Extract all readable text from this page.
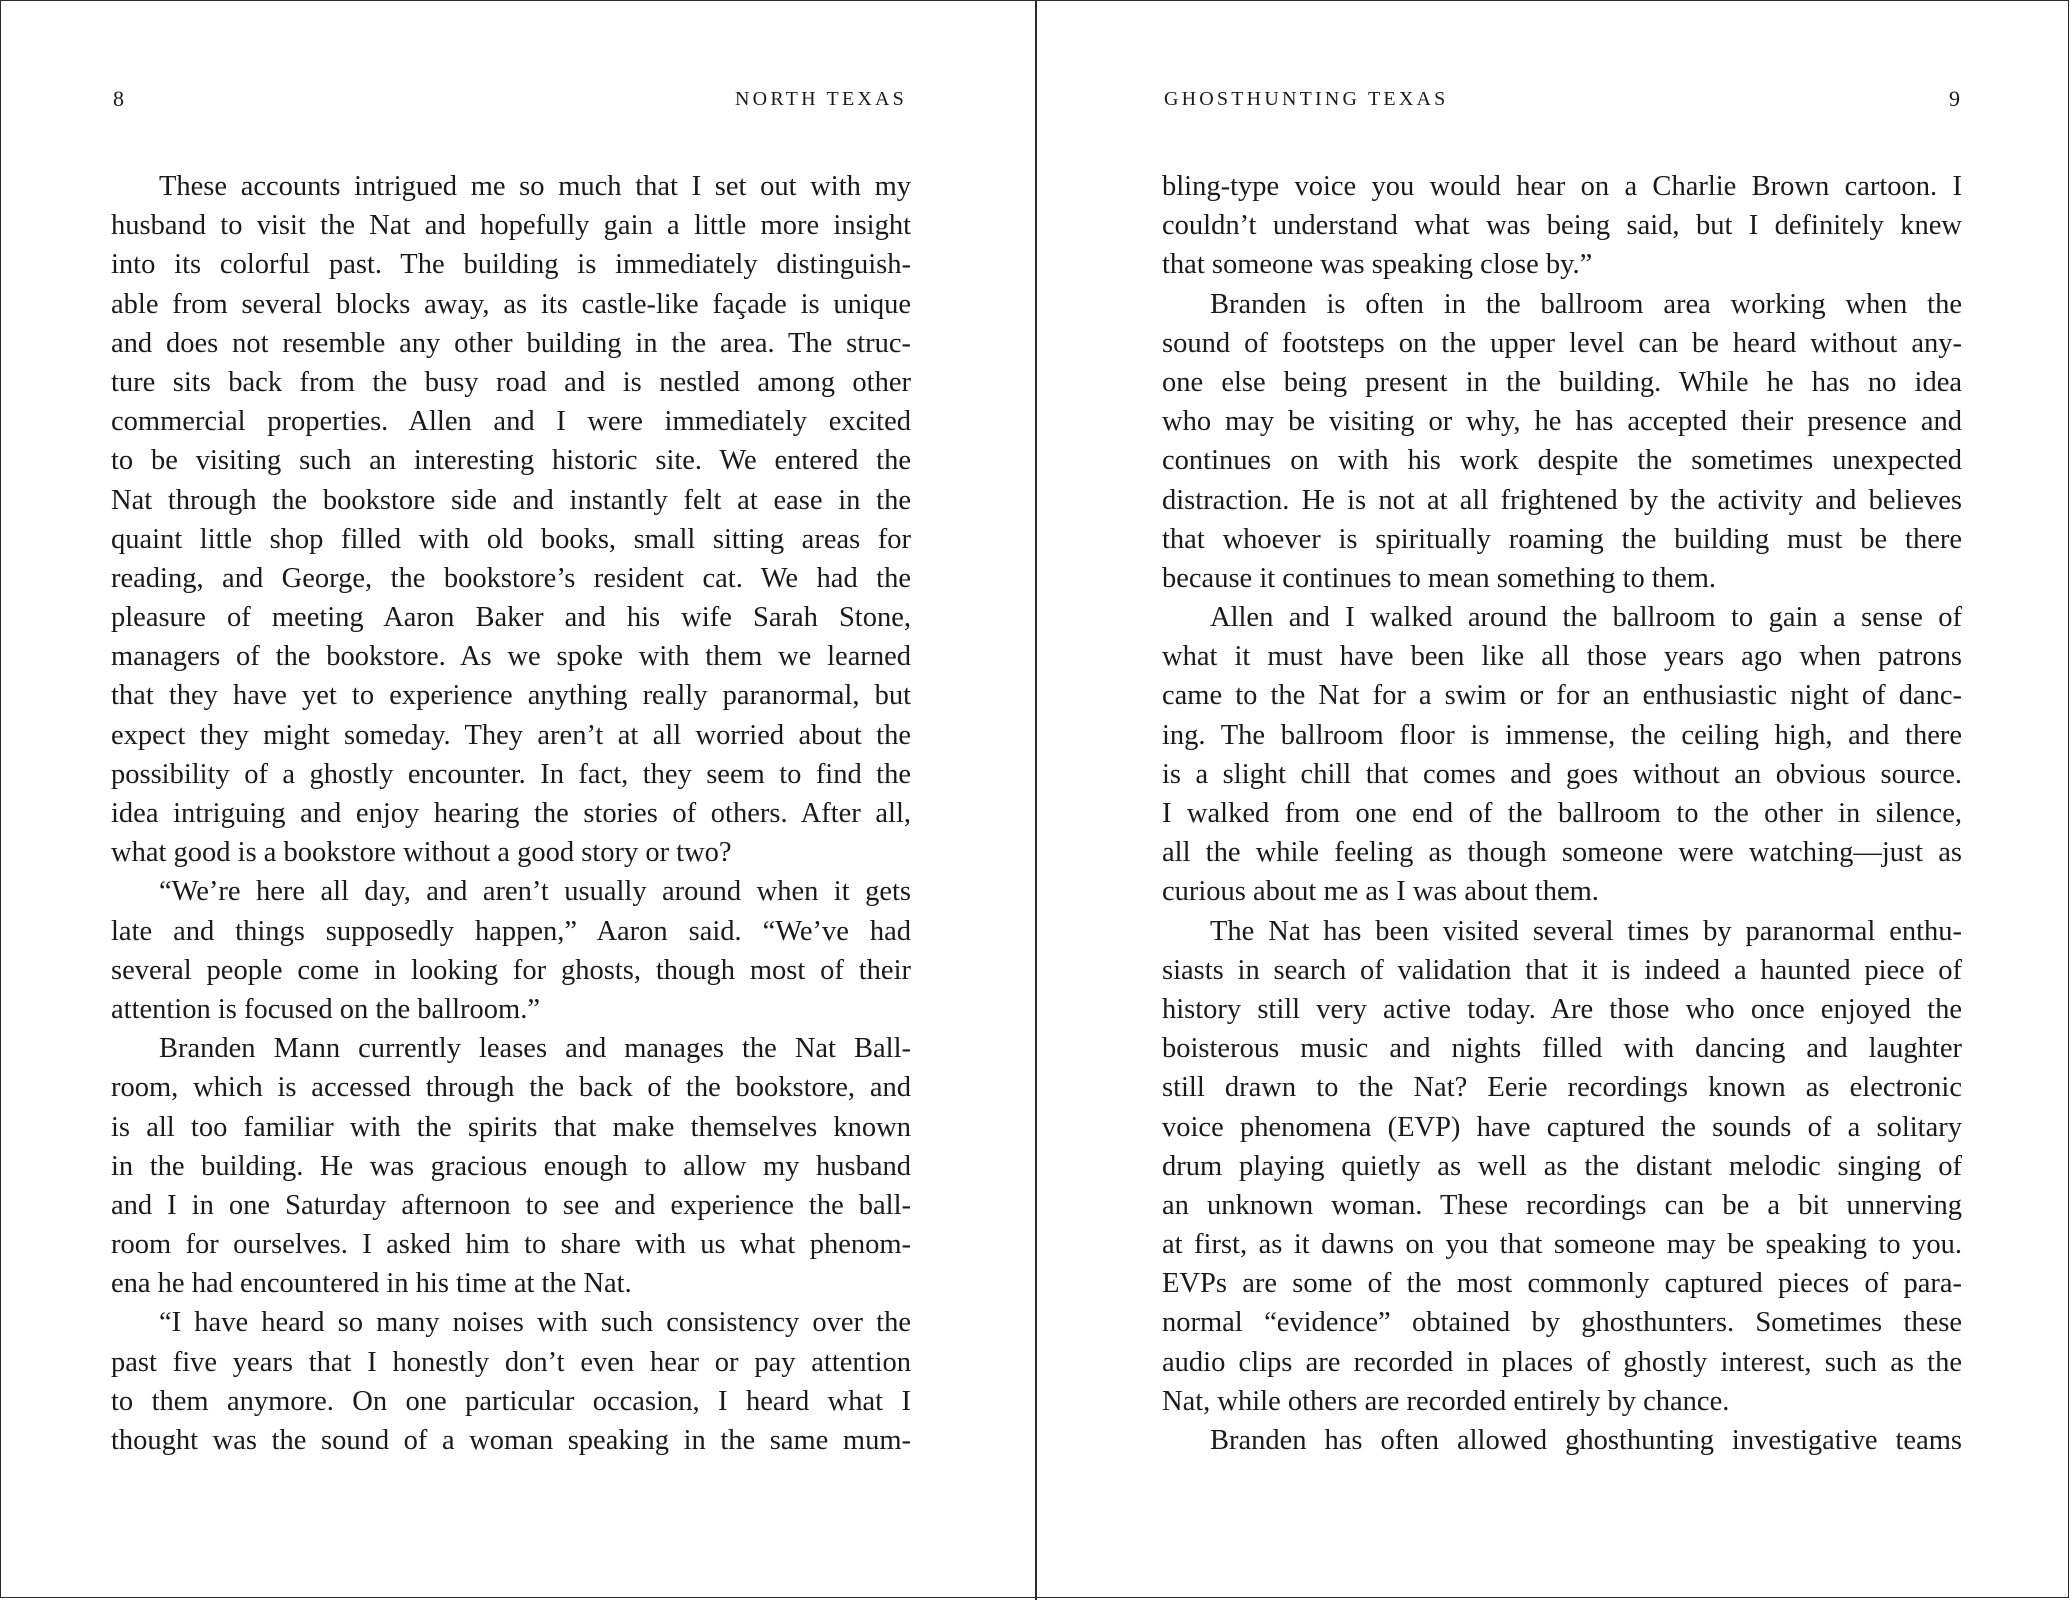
8	NORTH TEXAS
These accounts intrigued me so much that I set out with my
husband to visit the Nat and hopefully gain a little more insight
into its colorful past. The building is immediately distinguish-
able from several blocks away, as its castle-like façade is unique
and does not resemble any other building in the area. The struc-
ture sits back from the busy road and is nestled among other
commercial properties. Allen and I were immediately excited
to be visiting such an interesting historic site. We entered the
Nat through the bookstore side and instantly felt at ease in the
quaint little shop filled with old books, small sitting areas for
reading, and George, the bookstore’s resident cat. We had the
pleasure of meeting Aaron Baker and his wife Sarah Stone,
managers of the bookstore. As we spoke with them we learned
that they have yet to experience anything really paranormal, but
expect they might someday. They aren’t at all worried about the
possibility of a ghostly encounter. In fact, they seem to find the
idea intriguing and enjoy hearing the stories of others. After all,
what good is a bookstore without a good story or two?
“We’re here all day, and aren’t usually around when it gets
late and things supposedly happen,” Aaron said. “We’ve had
several people come in looking for ghosts, though most of their
attention is focused on the ballroom.”
Branden Mann currently leases and manages the Nat Ball-
room, which is accessed through the back of the bookstore, and
is all too familiar with the spirits that make themselves known
in the building. He was gracious enough to allow my husband
and I in one Saturday afternoon to see and experience the ball-
room for ourselves. I asked him to share with us what phenom-
ena he had encountered in his time at the Nat.
“I have heard so many noises with such consistency over the
past five years that I honestly don’t even hear or pay attention
to them anymore. On one particular occasion, I heard what I
thought was the sound of a woman speaking in the same mum-
GHOSTHUNTING TEXAS	9
bling-type voice you would hear on a Charlie Brown cartoon. I
couldn’t understand what was being said, but I definitely knew
that someone was speaking close by.”
Branden is often in the ballroom area working when the
sound of footsteps on the upper level can be heard without any-
one else being present in the building. While he has no idea
who may be visiting or why, he has accepted their presence and
continues on with his work despite the sometimes unexpected
distraction. He is not at all frightened by the activity and believes
that whoever is spiritually roaming the building must be there
because it continues to mean something to them.
Allen and I walked around the ballroom to gain a sense of
what it must have been like all those years ago when patrons
came to the Nat for a swim or for an enthusiastic night of danc-
ing. The ballroom floor is immense, the ceiling high, and there
is a slight chill that comes and goes without an obvious source.
I walked from one end of the ballroom to the other in silence,
all the while feeling as though someone were watching—just as
curious about me as I was about them.
The Nat has been visited several times by paranormal enthu-
siasts in search of validation that it is indeed a haunted piece of
history still very active today. Are those who once enjoyed the
boisterous music and nights filled with dancing and laughter
still drawn to the Nat? Eerie recordings known as electronic
voice phenomena (EVP) have captured the sounds of a solitary
drum playing quietly as well as the distant melodic singing of
an unknown woman. These recordings can be a bit unnerving
at first, as it dawns on you that someone may be speaking to you.
EVPs are some of the most commonly captured pieces of para-
normal “evidence” obtained by ghosthunters. Sometimes these
audio clips are recorded in places of ghostly interest, such as the
Nat, while others are recorded entirely by chance.
Branden has often allowed ghosthunting investigative teams
